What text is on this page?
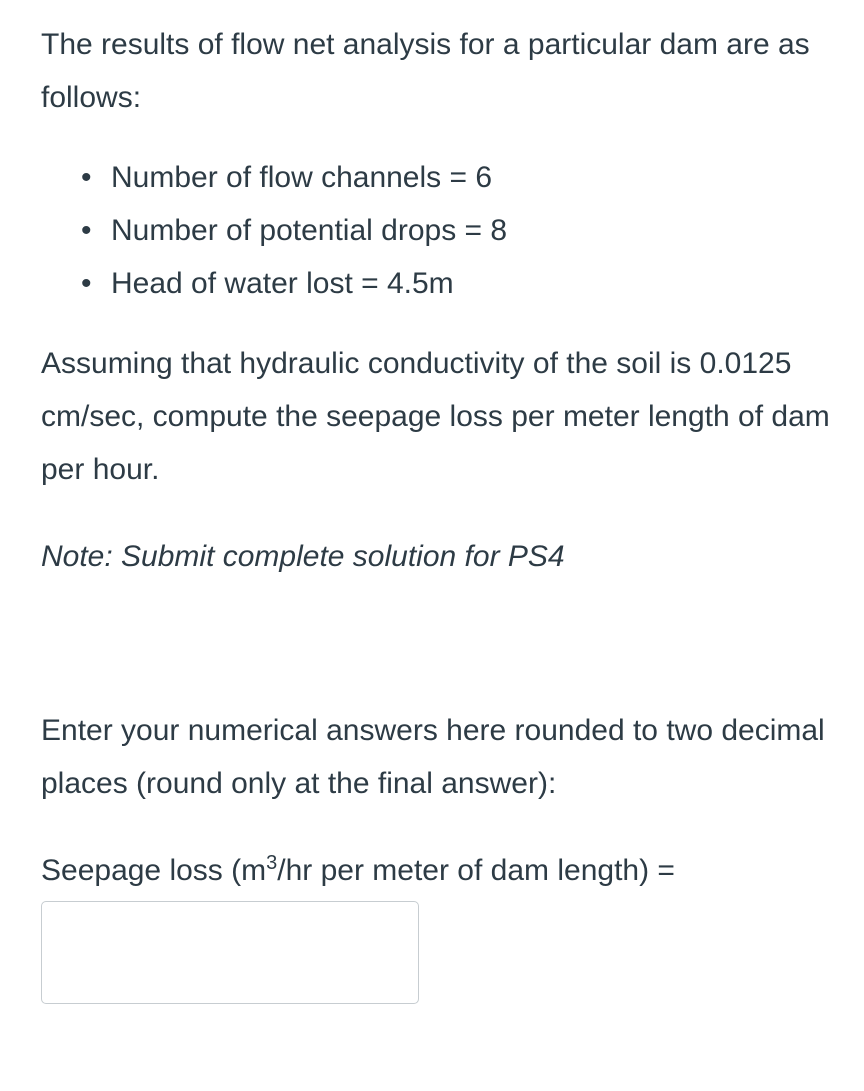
The results of flow net analysis for a particular dam are as follows:

• Number of flow channels = 6
• Number of potential drops = 8
• Head of water lost = 4.5m

Assuming that hydraulic conductivity of the soil is 0.0125 cm/sec, compute the seepage loss per meter length of dam per hour.

Note: Submit complete solution for PS4

Enter your numerical answers here rounded to two decimal places (round only at the final answer):

Seepage loss ($m^3/hr$ per meter of dam length) =
